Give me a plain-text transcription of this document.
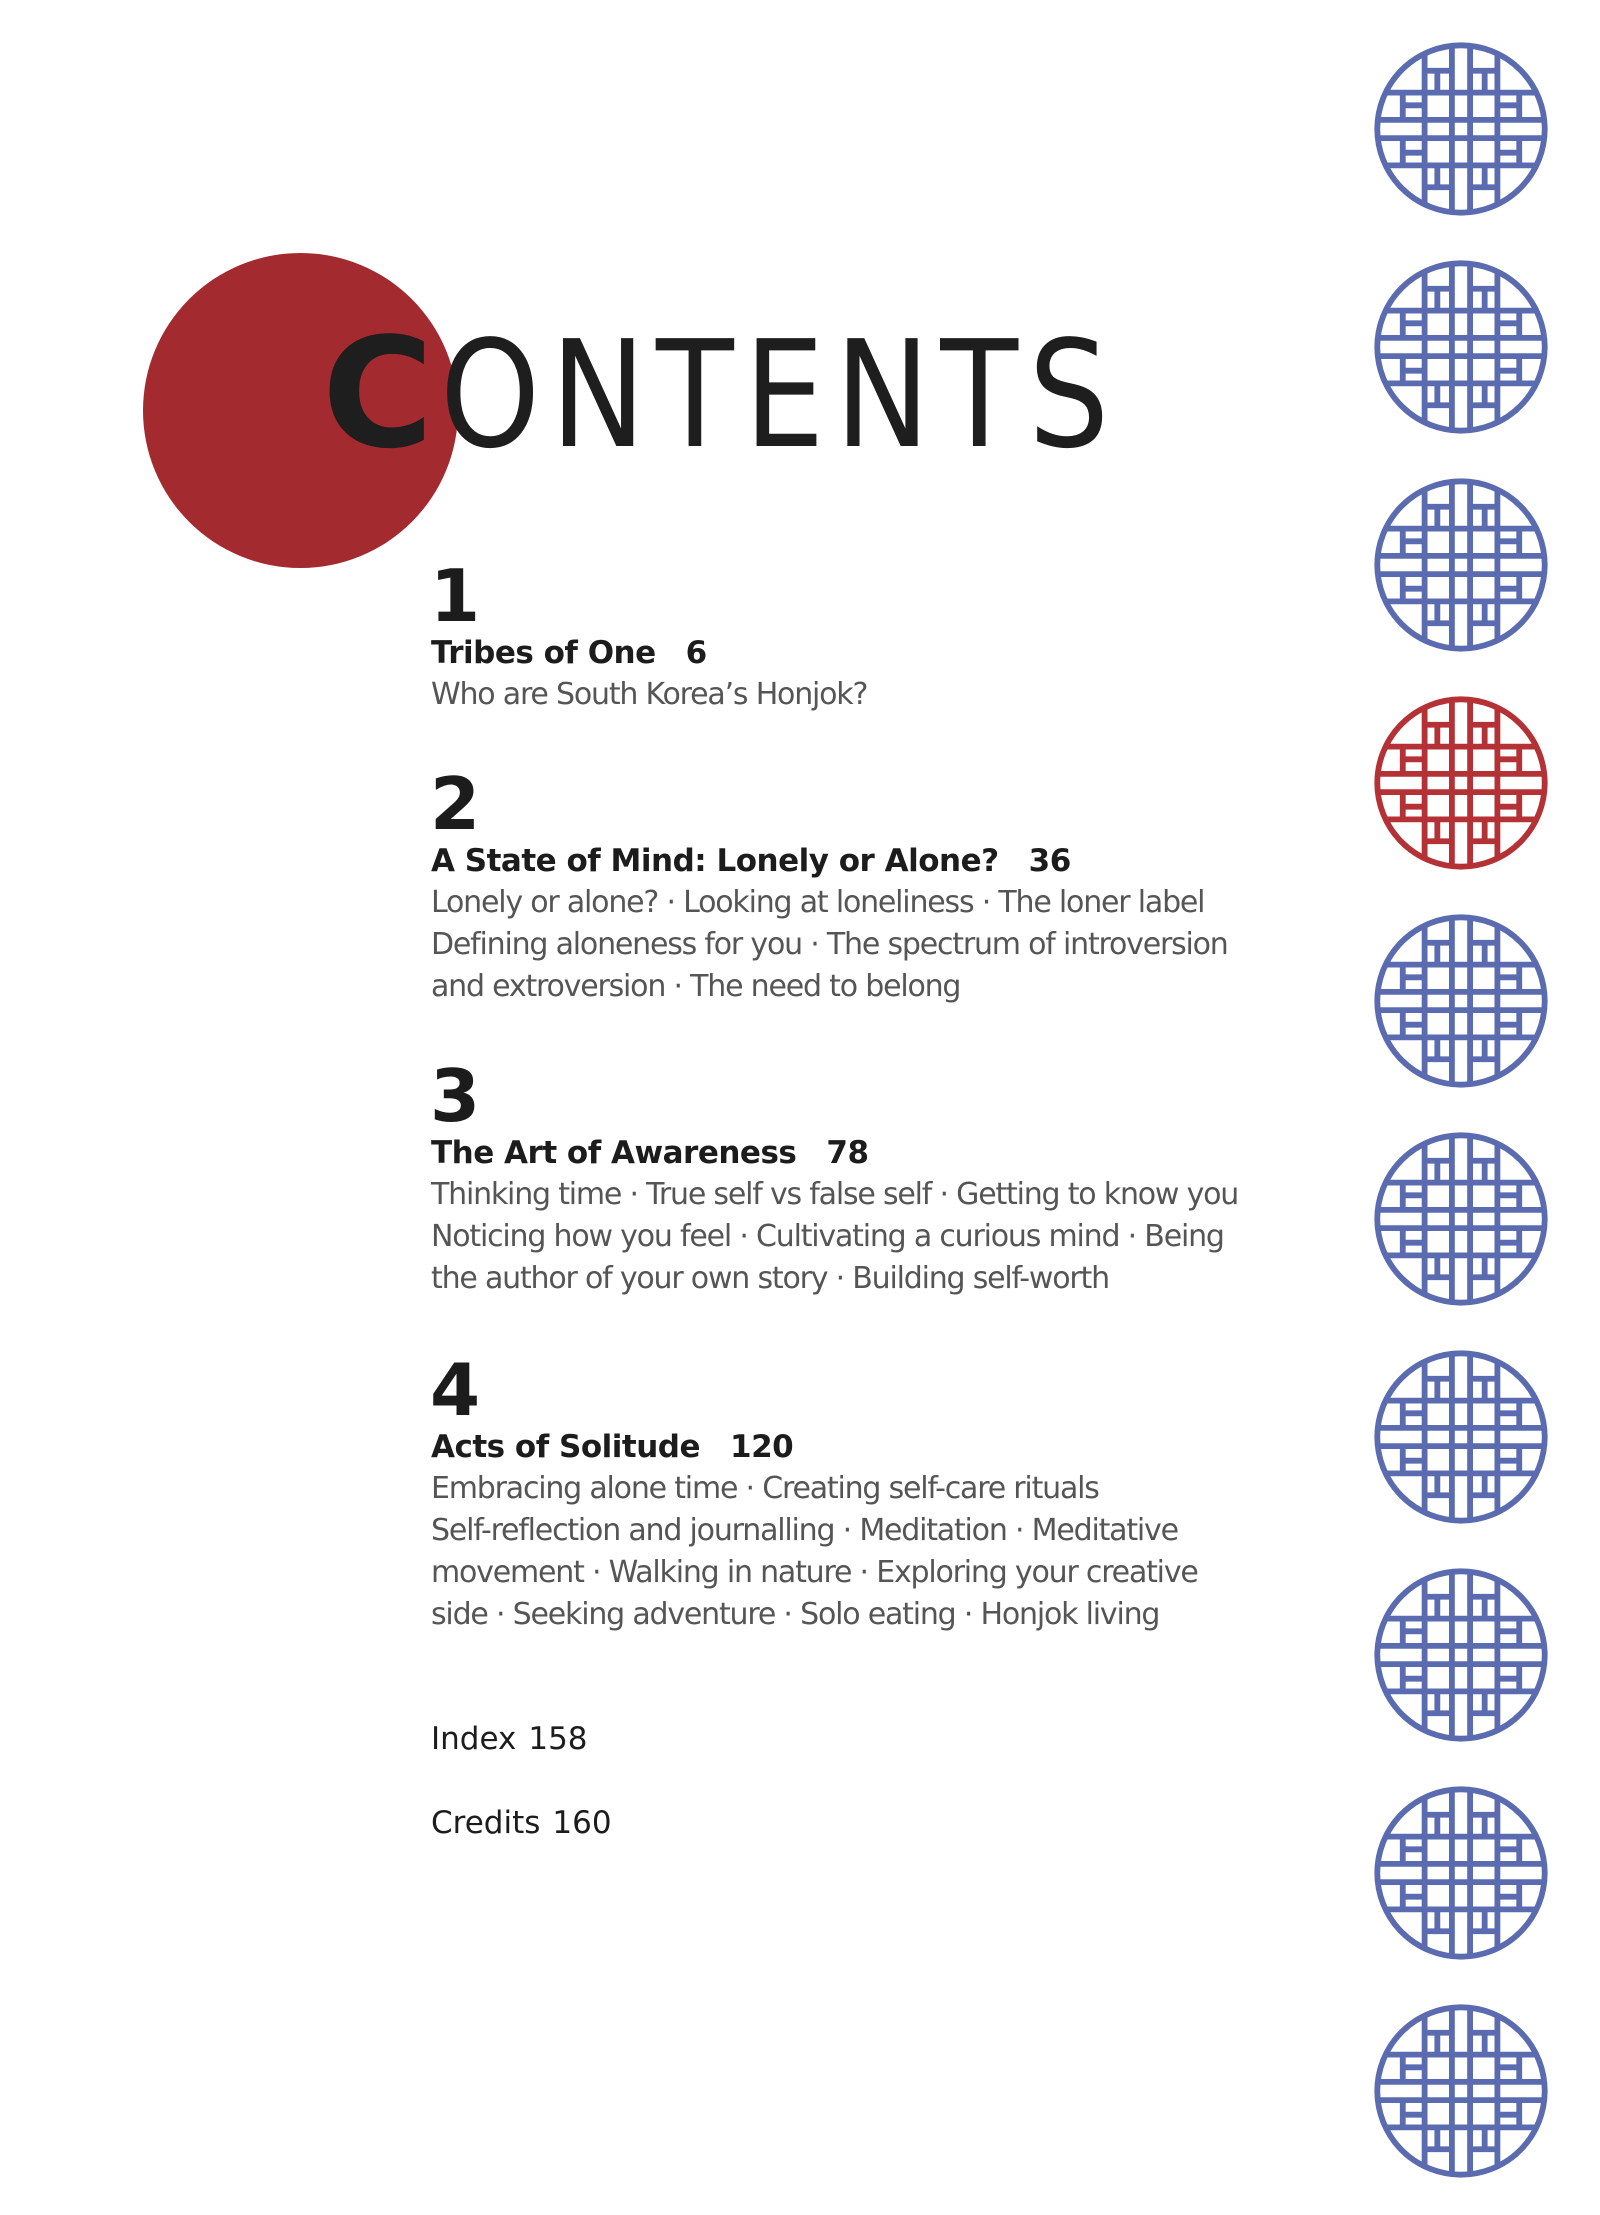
CONTENTS
1
Tribes of One 6
Who are South Korea’s Honjok?
2
A State of Mind: Lonely or Alone? 36
Lonely or alone? · Looking at loneliness · The loner label
Defining aloneness for you · The spectrum of introversion
and extroversion · The need to belong
3
The Art of Awareness 78
Thinking time · True self vs false self · Getting to know you
Noticing how you feel · Cultivating a curious mind · Being
the author of your own story · Building self-worth
4
Acts of Solitude 120
Embracing alone time · Creating self-care rituals
Self-reflection and journalling · Meditation · Meditative
movement · Walking in nature · Exploring your creative
side · Seeking adventure · Solo eating · Honjok living
Index 158
Credits 160
